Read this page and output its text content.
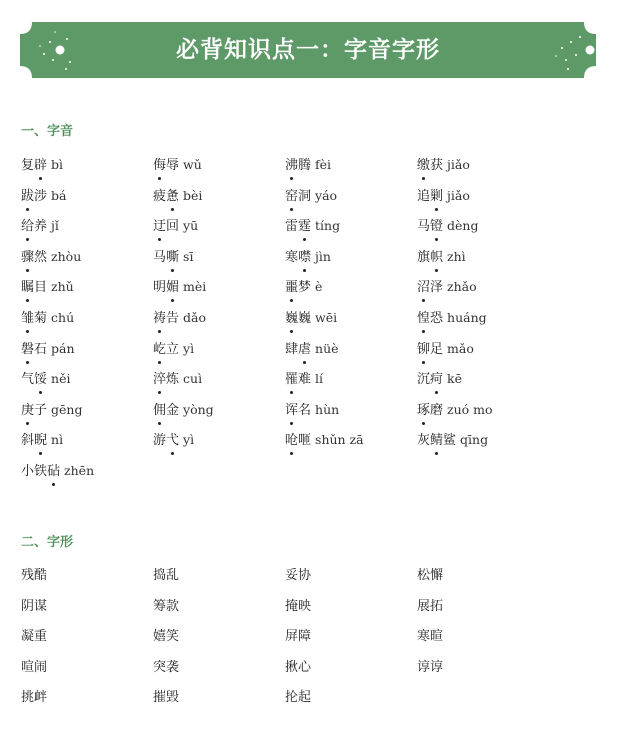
必背知识点一：字音字形
一、字音
复辟 bì	侮辱 wǔ	沸腾 fèi	缴获 jiǎo
跋涉 bá	疲惫 bèi	窑洞 yáo	追剿 jiǎo
给养 jǐ	迂回 yū	雷霆 tíng	马镫 dèng
骤然 zhòu	马嘶 sī	寒噤 jìn	旗帜 zhì
瞩目 zhǔ	明媚 mèi	噩梦 è	沼泽 zhǎo
雏菊 chú	祷告 dǎo	巍巍 wēi	惶恐 huáng
磐石 pán	屹立 yì	肆虐 nüè	铆足 mǎo
气馁 něi	淬炼 cuì	罹难 lí	沉疴 kē
庚子 gēng	佣金 yòng	诨名 hùn	琢磨 zuó mo
斜睨 nì	游弋 yì	呛咂 shǔn zā	灰鲭鲨 qīng
小铁砧 zhēn
二、字形
残酷	捣乱	妥协	松懈
阴谋	筹款	掩映	展拓
凝重	嬉笑	屏障	寒暄
喧闹	突袭	揪心	谆谆
挑衅	摧毁	抡起
